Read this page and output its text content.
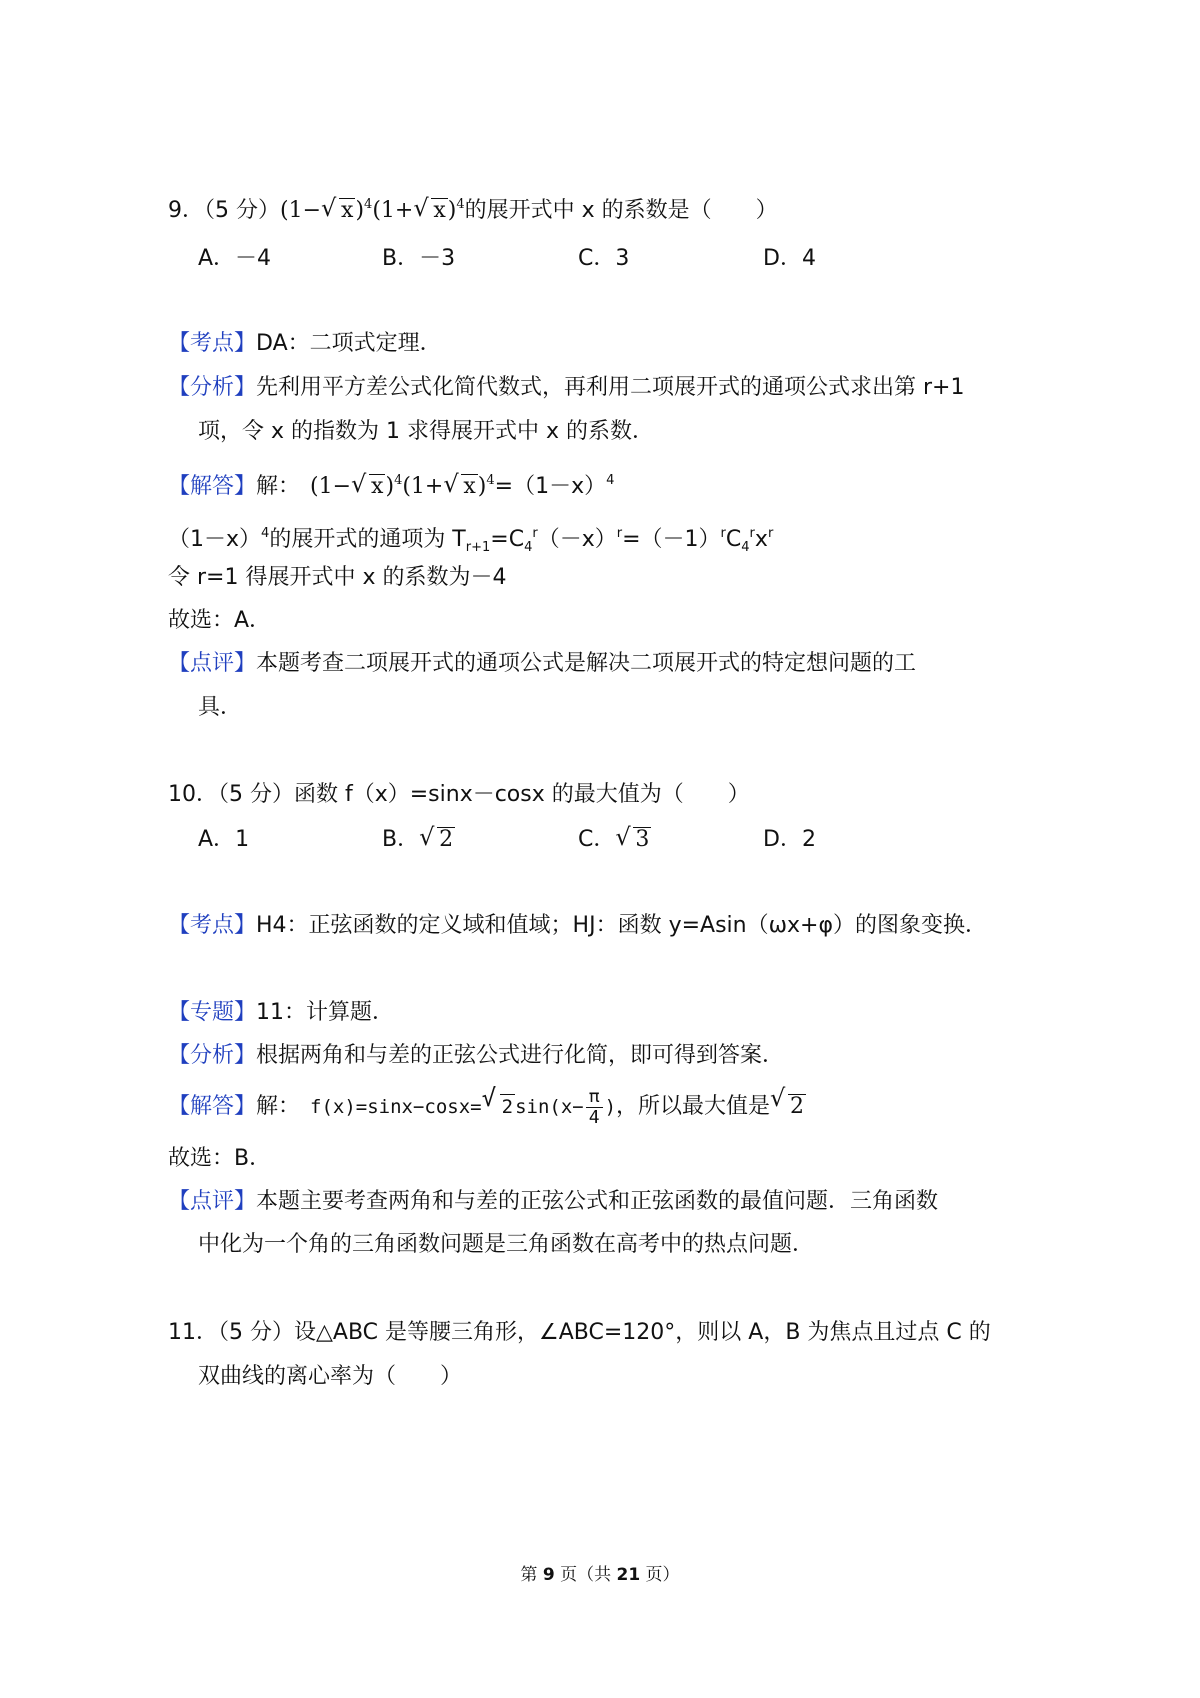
9．（5 分）(1− √ x)$^4$(1+ √ x)$^4$的展开式中 x 的系数是（　　）
A．－4	B．－3	C．3	D．4
【考点】DA：二项式定理．
【分析】先利用平方差公式化简代数式，再利用二项展开式的通项公式求出第 r+1
项，令 x 的指数为 1 求得展开式中 x 的系数．
【解答】解： (1− √ x)$^4$(1+ √ $x)^4=(1-x)^4$
$(1-x)^4$的展开式的通项为 $T_{r+1}=C_4^r(-x)^r=(-1)^rC_4^rx^r$
令 r=1 得展开式中 x 的系数为－4
故选：A．
【点评】本题考查二项展开式的通项公式是解决二项展开式的特定想问题的工
具．
10．（5 分）函数 f（x）=sinx－cosx 的最大值为（　　）
A．1	B． √ 2	C． √ 3	D．2
【考点】H4：正弦函数的定义域和值域；HJ：函数 y=Asin（ωx+φ）的图象变换．
【专题】11：计算题．
【分析】根据两角和与差的正弦公式进行化简，即可得到答案．
【解答】解： f(x)=sinx−cosx= √ 2 $\sin(x- \frac{\pi}{4}$ )，所以最大值是 √ 2
故选：B．
【点评】本题主要考查两角和与差的正弦公式和正弦函数的最值问题．三角函数
中化为一个角的三角函数问题是三角函数在高考中的热点问题．
11．（5 分）设△ABC 是等腰三角形，∠ABC=120°，则以 A，B 为焦点且过点 C 的
双曲线的离心率为（　　）
第 9 页（共 21 页）
